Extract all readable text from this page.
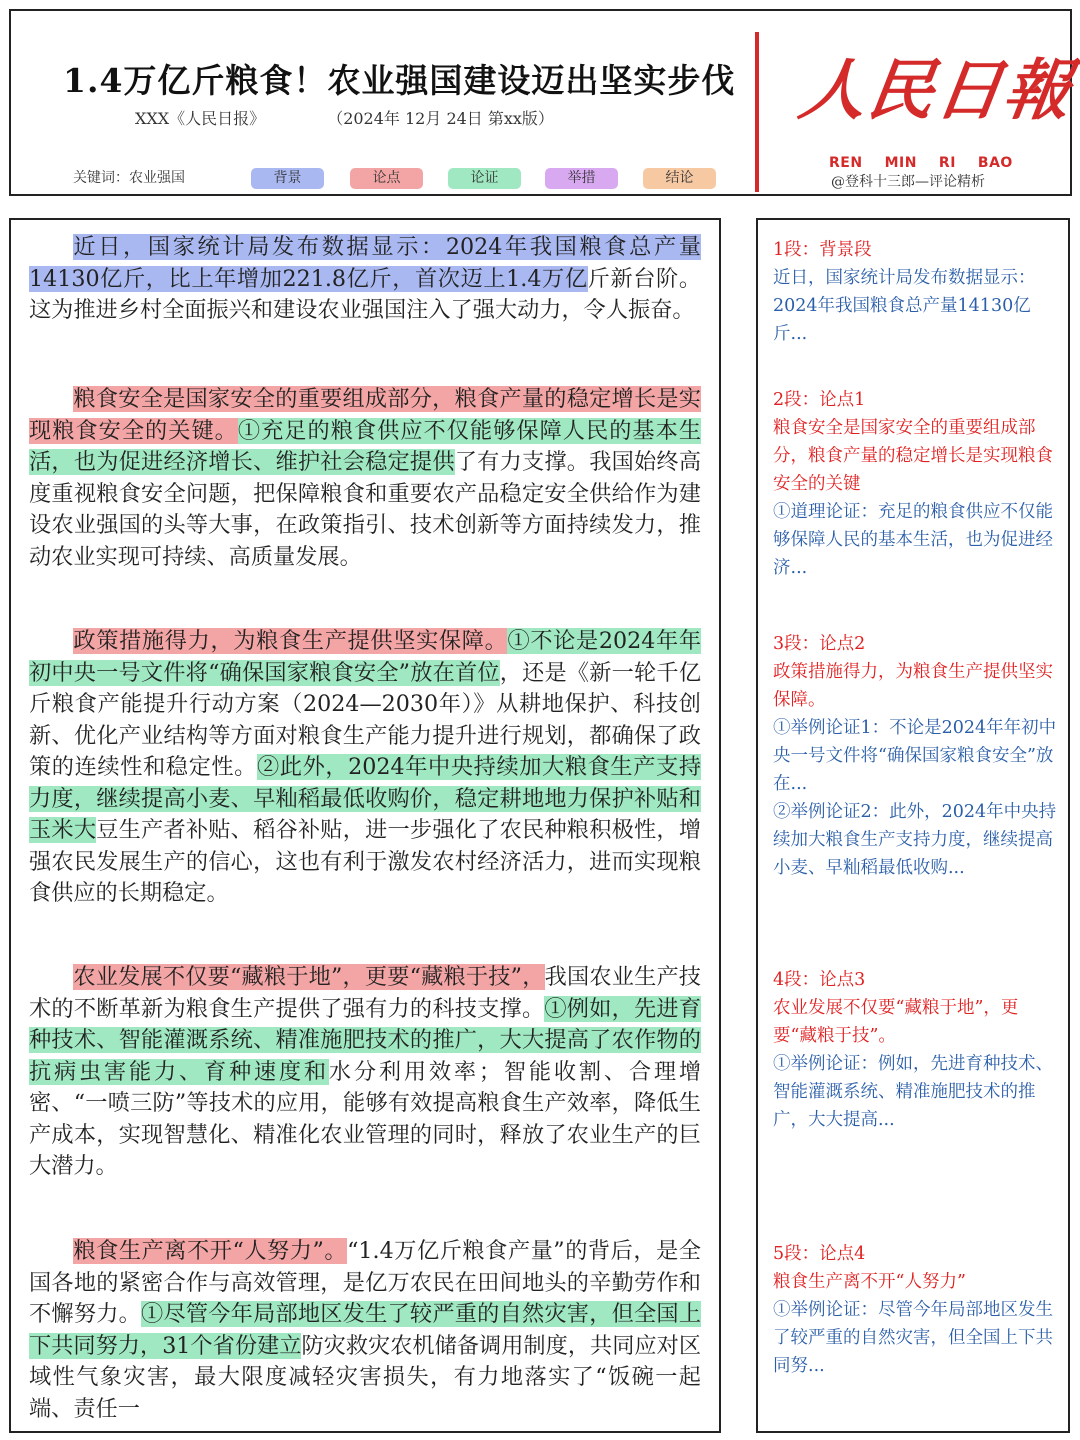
1.4万亿斤粮食！农业强国建设迈出坚实步伐
XXX《人民日报》	（2024年 12月 24日 第xx版）
关键词：农业强国	背景	论点	论证	举措	结论
人民日報
REN MIN RI BAO
@登科十三郎—评论精析
近日，国家统计局发布数据显示：2024年我国粮食总产量14130亿斤，比上年增加221.8亿斤，首次迈上1.4万亿斤新台阶。这为推进乡村全面振兴和建设农业强国注入了强大动力，令人振奋。
粮食安全是国家安全的重要组成部分，粮食产量的稳定增长是实现粮食安全的关键。①充足的粮食供应不仅能够保障人民的基本生活，也为促进经济增长、维护社会稳定提供了有力支撑。我国始终高度重视粮食安全问题，把保障粮食和重要农产品稳定安全供给作为建设农业强国的头等大事，在政策指引、技术创新等方面持续发力，推动农业实现可持续、高质量发展。
政策措施得力，为粮食生产提供坚实保障。①不论是2024年年初中央一号文件将“确保国家粮食安全”放在首位，还是《新一轮千亿斤粮食产能提升行动方案（2024—2030年）》从耕地保护、科技创新、优化产业结构等方面对粮食生产能力提升进行规划，都确保了政策的连续性和稳定性。②此外，2024年中央持续加大粮食生产支持力度，继续提高小麦、早籼稻最低收购价，稳定耕地地力保护补贴和玉米大豆生产者补贴、稻谷补贴，进一步强化了农民种粮积极性，增强农民发展生产的信心，这也有利于激发农村经济活力，进而实现粮食供应的长期稳定。
农业发展不仅要“藏粮于地”，更要“藏粮于技”，我国农业生产技术的不断革新为粮食生产提供了强有力的科技支撑。①例如，先进育种技术、智能灌溉系统、精准施肥技术的推广，大大提高了农作物的抗病虫害能力、育种速度和水分利用效率；智能收割、合理增密、“一喷三防”等技术的应用，能够有效提高粮食生产效率，降低生产成本，实现智慧化、精准化农业管理的同时，释放了农业生产的巨大潜力。
粮食生产离不开“人努力”。“1.4万亿斤粮食产量”的背后，是全国各地的紧密合作与高效管理，是亿万农民在田间地头的辛勤劳作和不懈努力。①尽管今年局部地区发生了较严重的自然灾害，但全国上下共同努力，31个省份建立防灾救灾农机储备调用制度，共同应对区域性气象灾害，最大限度减轻灾害损失，有力地落实了“饭碗一起端、责任一
1段：背景段
近日，国家统计局发布数据显示：2024年我国粮食总产量14130亿斤...
2段：论点1
粮食安全是国家安全的重要组成部分，粮食产量的稳定增长是实现粮食安全的关键
①道理论证：充足的粮食供应不仅能够保障人民的基本生活，也为促进经济...
3段：论点2
政策措施得力，为粮食生产提供坚实保障。
①举例论证1：不论是2024年年初中央一号文件将“确保国家粮食安全”放在...
②举例论证2：此外，2024年中央持续加大粮食生产支持力度，继续提高小麦、早籼稻最低收购...
4段：论点3
农业发展不仅要“藏粮于地”，更要“藏粮于技”。
①举例论证：例如，先进育种技术、智能灌溉系统、精准施肥技术的推广，大大提高...
5段：论点4
粮食生产离不开“人努力”
①举例论证：尽管今年局部地区发生了较严重的自然灾害，但全国上下共同努...
